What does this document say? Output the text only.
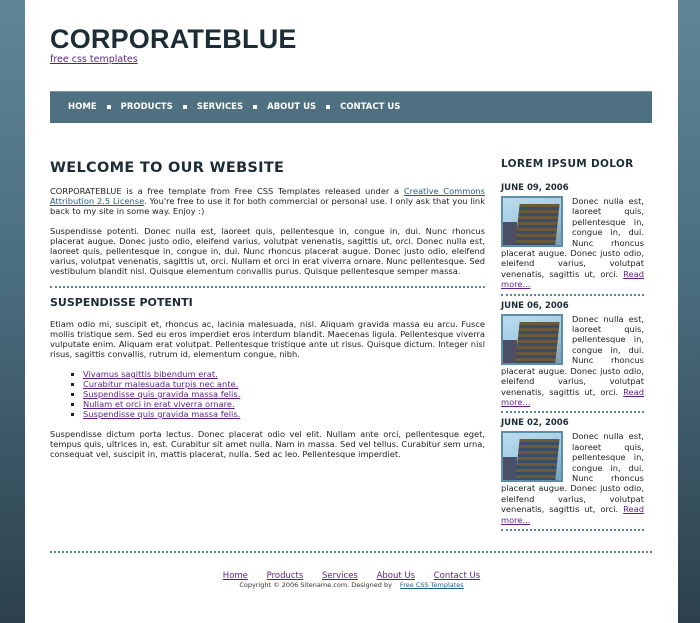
CORPORATEBLUE
free css templates
HOME	PRODUCTS	SERVICES	ABOUT US	CONTACT US
WELCOME TO OUR WEBSITE

CORPORATEBLUE is a free template from Free CSS Templates released under a Creative Commons Attribution 2.5 License. You're free to use it for both commercial or personal use. I only ask that you link back to my site in some way. Enjoy :)

Suspendisse potenti. Donec nulla est, laoreet quis, pellentesque in, congue in, dui. Nunc rhoncus placerat augue. Donec justo odio, eleifend varius, volutpat venenatis, sagittis ut, orci. Donec nulla est, laoreet quis, pellentesque in, congue in, dui. Nunc rhoncus placerat augue. Donec justo odio, eleifend varius, volutpat venenatis, sagittis ut, orci. Nullam et orci in erat viverra ornare. Nunc pellentesque. Sed vestibulum blandit nisl. Quisque elementum convallis purus. Quisque pellentesque semper massa.

SUSPENDISSE POTENTI

Etiam odio mi, suscipit et, rhoncus ac, lacinia malesuada, nisl. Aliquam gravida massa eu arcu. Fusce mollis tristique sem. Sed eu eros imperdiet eros interdum blandit. Maecenas ligula. Pellentesque viverra vulputate enim. Aliquam erat volutpat. Pellentesque tristique ante ut risus. Quisque dictum. Integer nisl risus, sagittis convallis, rutrum id, elementum congue, nibh.

▪ Vivamus sagittis bibendum erat.
▪ Curabitur malesuada turpis nec ante.
▪ Suspendisse quis gravida massa felis.
▪ Nullam et orci in erat viverra ornare.
▪ Suspendisse quis gravida massa felis.

Suspendisse dictum porta lectus. Donec placerat odio vel elit. Nullam ante orci, pellentesque eget, tempus quis, ultrices in, est. Curabitur sit amet nulla. Nam in massa. Sed vel tellus. Curabitur sem urna, consequat vel, suscipit in, mattis placerat, nulla. Sed ac leo. Pellentesque imperdiet.

LOREM IPSUM DOLOR
JUNE 09, 2006

Donec nulla est, laoreet quis, pellentesque in, congue in, dui. Nunc rhoncus placerat augue. Donec justo odio, eleifend varius, volutpat venenatis, sagittis ut, orci. Read more...

JUNE 06, 2006

Donec nulla est, laoreet quis, pellentesque in, congue in, dui. Nunc rhoncus placerat augue. Donec justo odio, eleifend varius, volutpat venenatis, sagittis ut, orci. Read more...

JUNE 02, 2006

Donec nulla est, laoreet quis, pellentesque in, congue in, dui. Nunc rhoncus placerat augue. Donec justo odio, eleifend varius, volutpat venenatis, sagittis ut, orci. Read more...

Home Products Services About Us Contact Us
Copyright © 2006 Sitename.com. Designed by Free CSS Templates
